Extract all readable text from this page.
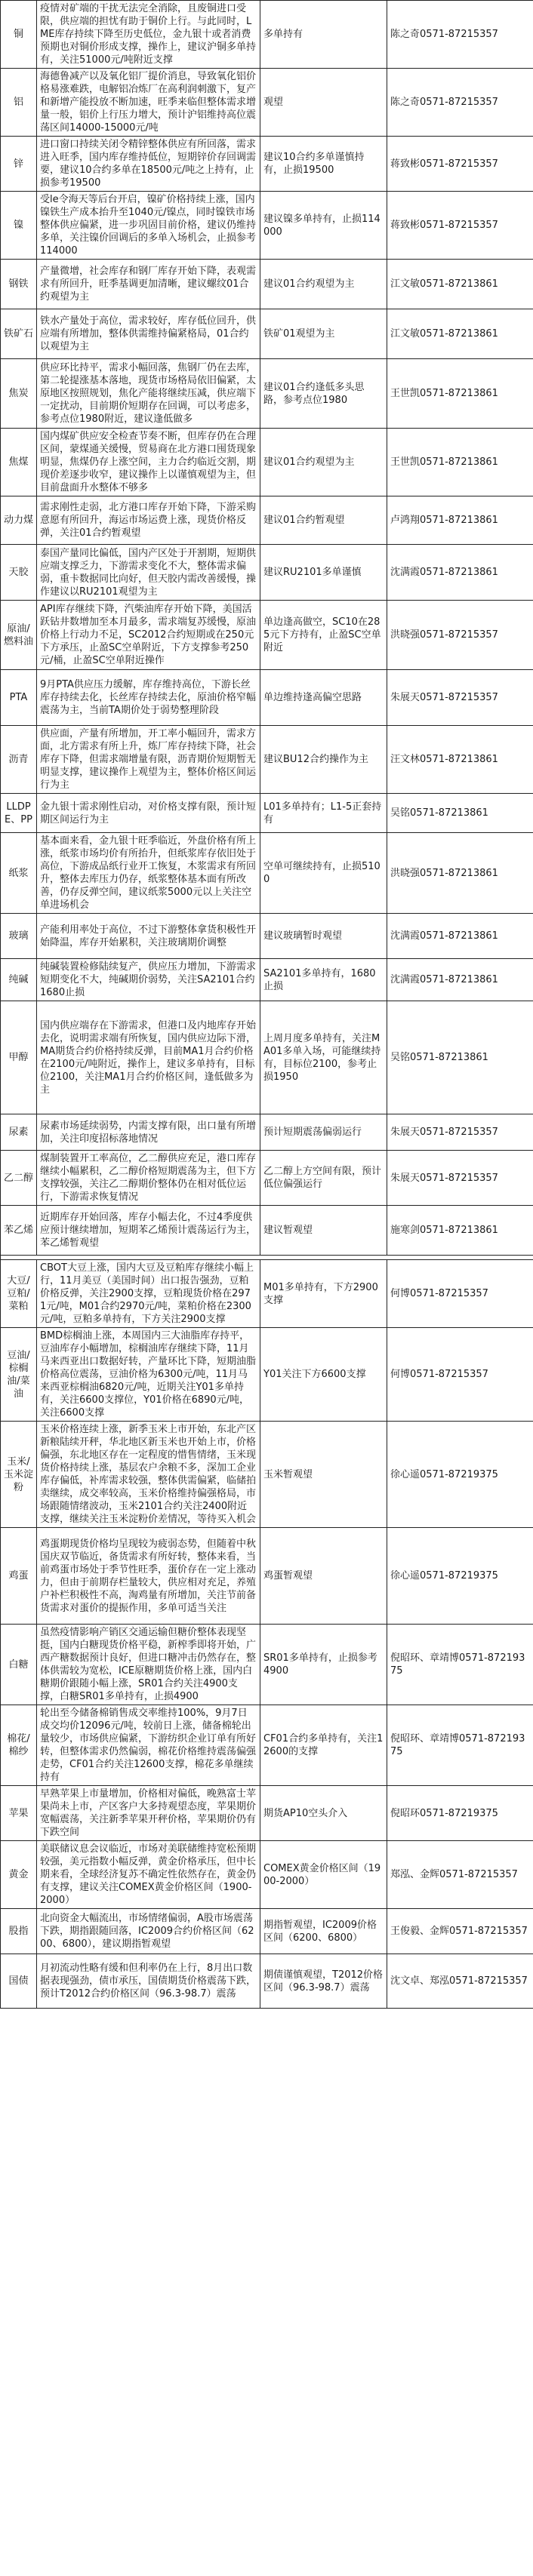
铜	疫情对矿端的干扰无法完全消除，且废铜进口受限，供应端的担忧有助于铜价上行。与此同时，LME库存持续下降至历史低位，金九银十或者消费预期也对铜价形成支撑，操作上，建议沪铜多单持有，关注51000元/吨附近支撑	多单持有	陈之奇0571-87215357
铝	海德鲁减产以及氧化铝厂提价消息，导致氧化铝价格易涨难跌，电解铝冶炼厂在高利润刺激下，复产和新增产能投放不断加速，旺季来临但整体需求增量一般，铝价上行压力增大，预计沪铝维持高位震荡区间14000-15000元/吨	观望	陈之奇0571-87215357
锌	进口窗口持续关闭令精锌整体供应有所回落，需求进入旺季，国内库存维持低位，短期锌价存回调需要，建议10合约多单在18500元/吨之上持有，止损参考19500	建议10合约多单谨慎持有，止损19500	蒋致彬0571-87215357
镍	受le令海天等后台开启，镍矿价格持续上涨，国内镍铁生产成本抬升至1040元/镍点，同时镍铁市场整体供应偏紧，进一步巩固目前价格，建议仍维持多单，关注镍价回调后的多单入场机会，止损参考114000	建议镍多单持有，止损114000	蒋致彬0571-87215357
钢铁	产量微增，社会库存和钢厂库存开始下降，表观需求有所回升，旺季基调更加清晰，建议螺纹01合约观望为主	建议01合约观望为主	江文敏0571-87213861
铁矿石	铁水产量处于高位，需求较好，库存低位回升，供应端有所增加，整体供需维持偏紧格局，01合约以观望为主	铁矿01观望为主	江文敏0571-87213861
焦炭	供应环比持平，需求小幅回落，焦钢厂仍在去库，第二轮提涨基本落地，现货市场格局依旧偏紧，太原地区按照规划，焦化产能将继续压减，供应端下一定扰动，目前期价短期存在回调，可以考虑多，参考点位1980附近，建议逢低做多	建议01合约逢低多头思路，参考点位1980	王世凯0571-87213861
焦煤	国内煤矿供应安全检查节奏不断，但库存仍在合理区间，蒙煤通关缓慢，贸易商在北方港口囤货现象明显，焦煤仍存上涨空间，主力合约临近交割，期现价差逐步收窄，建议操作上以谨慎观望为主，但目前盘面升水整体不够多	建议01合约观望为主	王世凯0571-87213861
动力煤	需求刚性走弱，北方港口库存开始下降，下游采购意愿有所回升，海运市场运费上涨，现货价格反弹，关注01合约暂观望	建议01合约暂观望	卢鸿翔0571-87213861
天胶	泰国产量同比偏低，国内产区处于开割期，短期供应端支撑乏力，下游需求变化不大，整体需求偏弱，重卡数据同比向好，但天胶内需改善缓慢，操作建议以RU2101观望为主	建议RU2101多单谨慎	沈满霞0571-87213861
原油/燃料油	API库存继续下降，汽柴油库存开始下降，美国活跃钻井数增加至本月最多，需求端复苏缓慢，原油价格上行动力不足，SC2012合约短期或在250元下方承压，止盈SC空单附近，下方支撑参考250元/桶，止盈SC空单附近操作	单边逢高做空，SC10在285元下方持有，止盈SC空单附近	洪晓强0571-87215357
PTA	9月PTA供应压力缓解，库存维持高位，下游长丝库存持续去化，长丝库存持续去化，原油价格窄幅震荡为主，当前TA期价处于弱势整理阶段	单边维持逢高偏空思路	朱展天0571-87215357
沥青	供应面，产量有所增加，开工率小幅回升，需求方面，北方需求有所上升，炼厂库存持续下降，社会库存下降，但需求端增量有限，沥青期价短期暂无明显支撑，建议操作上观望为主，整体价格区间运行为主	建议BU12合约操作为主	汪文林0571-87213861
LLDPE、PP	金九银十需求刚性启动，对价格支撑有限，预计短期区间运行为主	L01多单持有；L1-5正套持有	吴铭0571-87213861
纸浆	基本面来看，金九银十旺季临近，外盘价格有所上涨，纸浆市场均价有所抬升，但纸浆库存依旧处于高位，下游成品纸行业开工恢复，木浆需求有所回升，整体去库压力仍存，纸浆整体基本面有所改善，仍存反弹空间，建议纸浆5000元以上关注空单进场机会	空单可继续持有，止损5100	洪晓强0571-87213861
玻璃	产能利用率处于高位，不过下游整体拿货积极性开始降温，库存开始累积，关注玻璃期价调整	建议玻璃暂时观望	沈满霞0571-87213861
纯碱	纯碱装置检修陆续复产，供应压力增加，下游需求短期变化不大，纯碱期价弱势，关注SA2101合约1680止损	SA2101多单持有，1680止损	沈满霞0571-87213861
甲醇	国内供应端存在下游需求，但港口及内地库存开始去化，说明需求端有所恢复，国内供应边际下滑，MA期货合约价格持续反弹，目前MA1月合约价格在2100元/吨附近，操作上，建议多单持有，目标位2100，关注MA1月合约价格区间，逢低做多为主	上周月度多单持有，关注MA01多单入场，可能继续持有，目标位2100，参考止损1950	吴铭0571-87213861
尿素	尿素市场延续弱势，内需支撑有限，出口量有所增加，关注印度招标落地情况	预计短期震荡偏弱运行	朱展天0571-87215357
乙二醇	煤制装置开工率高位，乙二醇供应充足，港口库存继续小幅累积，乙二醇价格短期震荡为主，但下方支撑较强，关注乙二醇期价整体仍在相对低位运行，下游需求恢复情况	乙二醇上方空间有限，预计低位偏强运行	朱展天0571-87215357
苯乙烯	近期库存开始回落，库存小幅去化，不过4季度供应预计继续增加，短期苯乙烯预计震荡运行为主，苯乙烯暂观望	建议暂观望	施寒剑0571-87213861

大豆/豆粕/菜粕	CBOT大豆上涨，国内大豆及豆粕库存继续小幅上行，11月美豆（美国时间）出口报告强劲，豆粕价格反弹，关注2900支撑，豆粕现货价格在2971元/吨，M01合约2970元/吨，菜粕价格在2300元/吨，豆粕多单持有，下方关注2900支撑	M01多单持有，下方2900支撑	何博0571-87215357
豆油/棕榈油/菜油	BMD棕榈油上涨，本周国内三大油脂库存持平，豆油库存小幅增加，棕榈油库存继续下降，11月马来西亚出口数据好转，产量环比下降，短期油脂价格高位震荡，豆油价格为6300元/吨，11月马来西亚棕榈油6820元/吨，近期关注Y01多单持有，关注6600支撑位，Y01价格在6890元/吨，关注6600支撑	Y01关注下方6600支撑	何博0571-87215357
玉米/玉米淀粉	玉米价格连续上涨，新季玉米上市开始，东北产区新粮陆续开秤，华北地区新玉米也开始上市，价格偏强，东北地区存在一定程度的惜售情绪，玉米现货价格持续上涨，基层农户余粮不多，深加工企业库存偏低，补库需求较强，整体供需偏紧，临储拍卖继续，成交率较高，玉米价格维持偏强格局，市场跟随情绪波动，玉米2101合约关注2400附近支撑，继续关注玉米淀粉价差情况，等待买入机会	玉米暂观望	徐心遥0571-87219375
鸡蛋	鸡蛋期现货价格均呈现较为疲弱态势，但随着中秋国庆双节临近，备货需求有所好转，整体来看，当前鸡蛋市场处于季节性旺季，蛋价存在一定上涨动力，但由于前期存栏量较大，供应相对充足，养殖户补栏积极性不高，淘鸡量有所增加，关注节前备货需求对蛋价的提振作用，多单可适当关注	鸡蛋暂观望	徐心遥0571-87219375
白糖	虽然疫情影响产销区交通运输但糖价整体表现坚挺，国内白糖现货价格平稳，新榨季即将开始，广西产糖数据预计良好，但进口糖冲击仍然存在，整体供需较为宽松，ICE原糖期货价格上涨，国内白糖期价跟随小幅上涨，SR01合约关注4900支撑，白糖SR01多单持有，止损4900	SR01多单持有，止损参考4900	倪昭环、章靖博0571-87219375
棉花/棉纱	轮出至今储备棉销售成交率维持100%，9月7日成交均价12096元/吨，较前日上涨，储备棉轮出量较少，市场供应偏紧，下游纺织企业订单有所好转，但整体需求仍然偏弱，棉花价格维持震荡偏强走势，CF01合约关注12600支撑，棉花多单继续持有	CF01合约多单持有，关注12600的支撑	倪昭环、章靖博0571-87219375
苹果	早熟苹果上市量增加，价格相对偏低，晚熟富士苹果尚未上市，产区客户大多持观望态度，苹果期价宽幅震荡，关注新季苹果开秤价格，苹果期价仍有下跌空间	期货AP10空头介入	倪昭环0571-87219375
黄金	美联储议息会议临近，市场对美联储维持宽松预期较强，美元指数小幅反弹，黄金价格承压，但中长期来看，全球经济复苏不确定性依然存在，黄金仍有支撑，建议关注COMEX黄金价格区间（1900-2000）	COMEX黄金价格区间（1900-2000）	郑泓、金辉0571-87215357
股指	北向资金大幅流出，市场情绪偏弱，A股市场震荡下跌，期指跟随回落，IC2009合约价格区间（6200、6800），建议期指暂观望	期指暂观望，IC2009价格区间（6200、6800）	王俊毅、金辉0571-87215357
国债	月初流动性略有缓和但利率仍在上行，8月出口数据表现强劲，债市承压，国债期货价格震荡下跌，预计T2012合约价格区间（96.3-98.7）震荡	期债谨慎观望，T2012价格区间（96.3-98.7）震荡	沈文卓、郑泓0571-87215357
